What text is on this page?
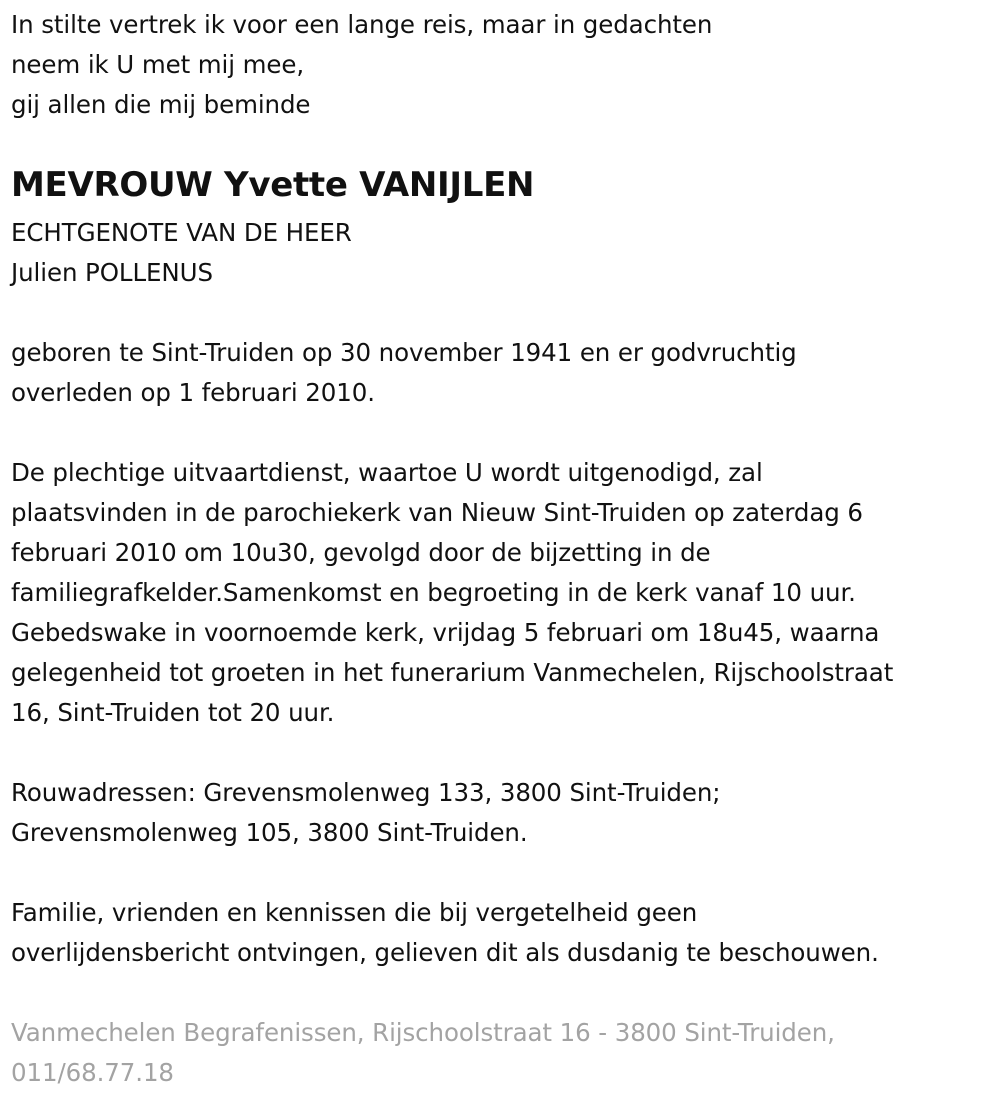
In stilte vertrek ik voor een lange reis, maar in gedachten
neem ik U met mij mee,
gij allen die mij beminde
MEVROUW Yvette VANIJLEN
ECHTGENOTE VAN DE HEER
Julien POLLENUS
geboren te Sint-Truiden op 30 november 1941 en er godvruchtig
overleden op 1 februari 2010.
De plechtige uitvaartdienst, waartoe U wordt uitgenodigd, zal
plaatsvinden in de parochiekerk van Nieuw Sint-Truiden op zaterdag 6
februari 2010 om 10u30, gevolgd door de bijzetting in de
familiegrafkelder.Samenkomst en begroeting in de kerk vanaf 10 uur.
Gebedswake in voornoemde kerk, vrijdag 5 februari om 18u45, waarna
gelegenheid tot groeten in het funerarium Vanmechelen, Rijschoolstraat
16, Sint-Truiden tot 20 uur.
Rouwadressen: Grevensmolenweg 133, 3800 Sint-Truiden;
Grevensmolenweg 105, 3800 Sint-Truiden.
Familie, vrienden en kennissen die bij vergetelheid geen
overlijdensbericht ontvingen, gelieven dit als dusdanig te beschouwen.
Vanmechelen Begrafenissen, Rijschoolstraat 16 - 3800 Sint-Truiden,
011/68.77.18
